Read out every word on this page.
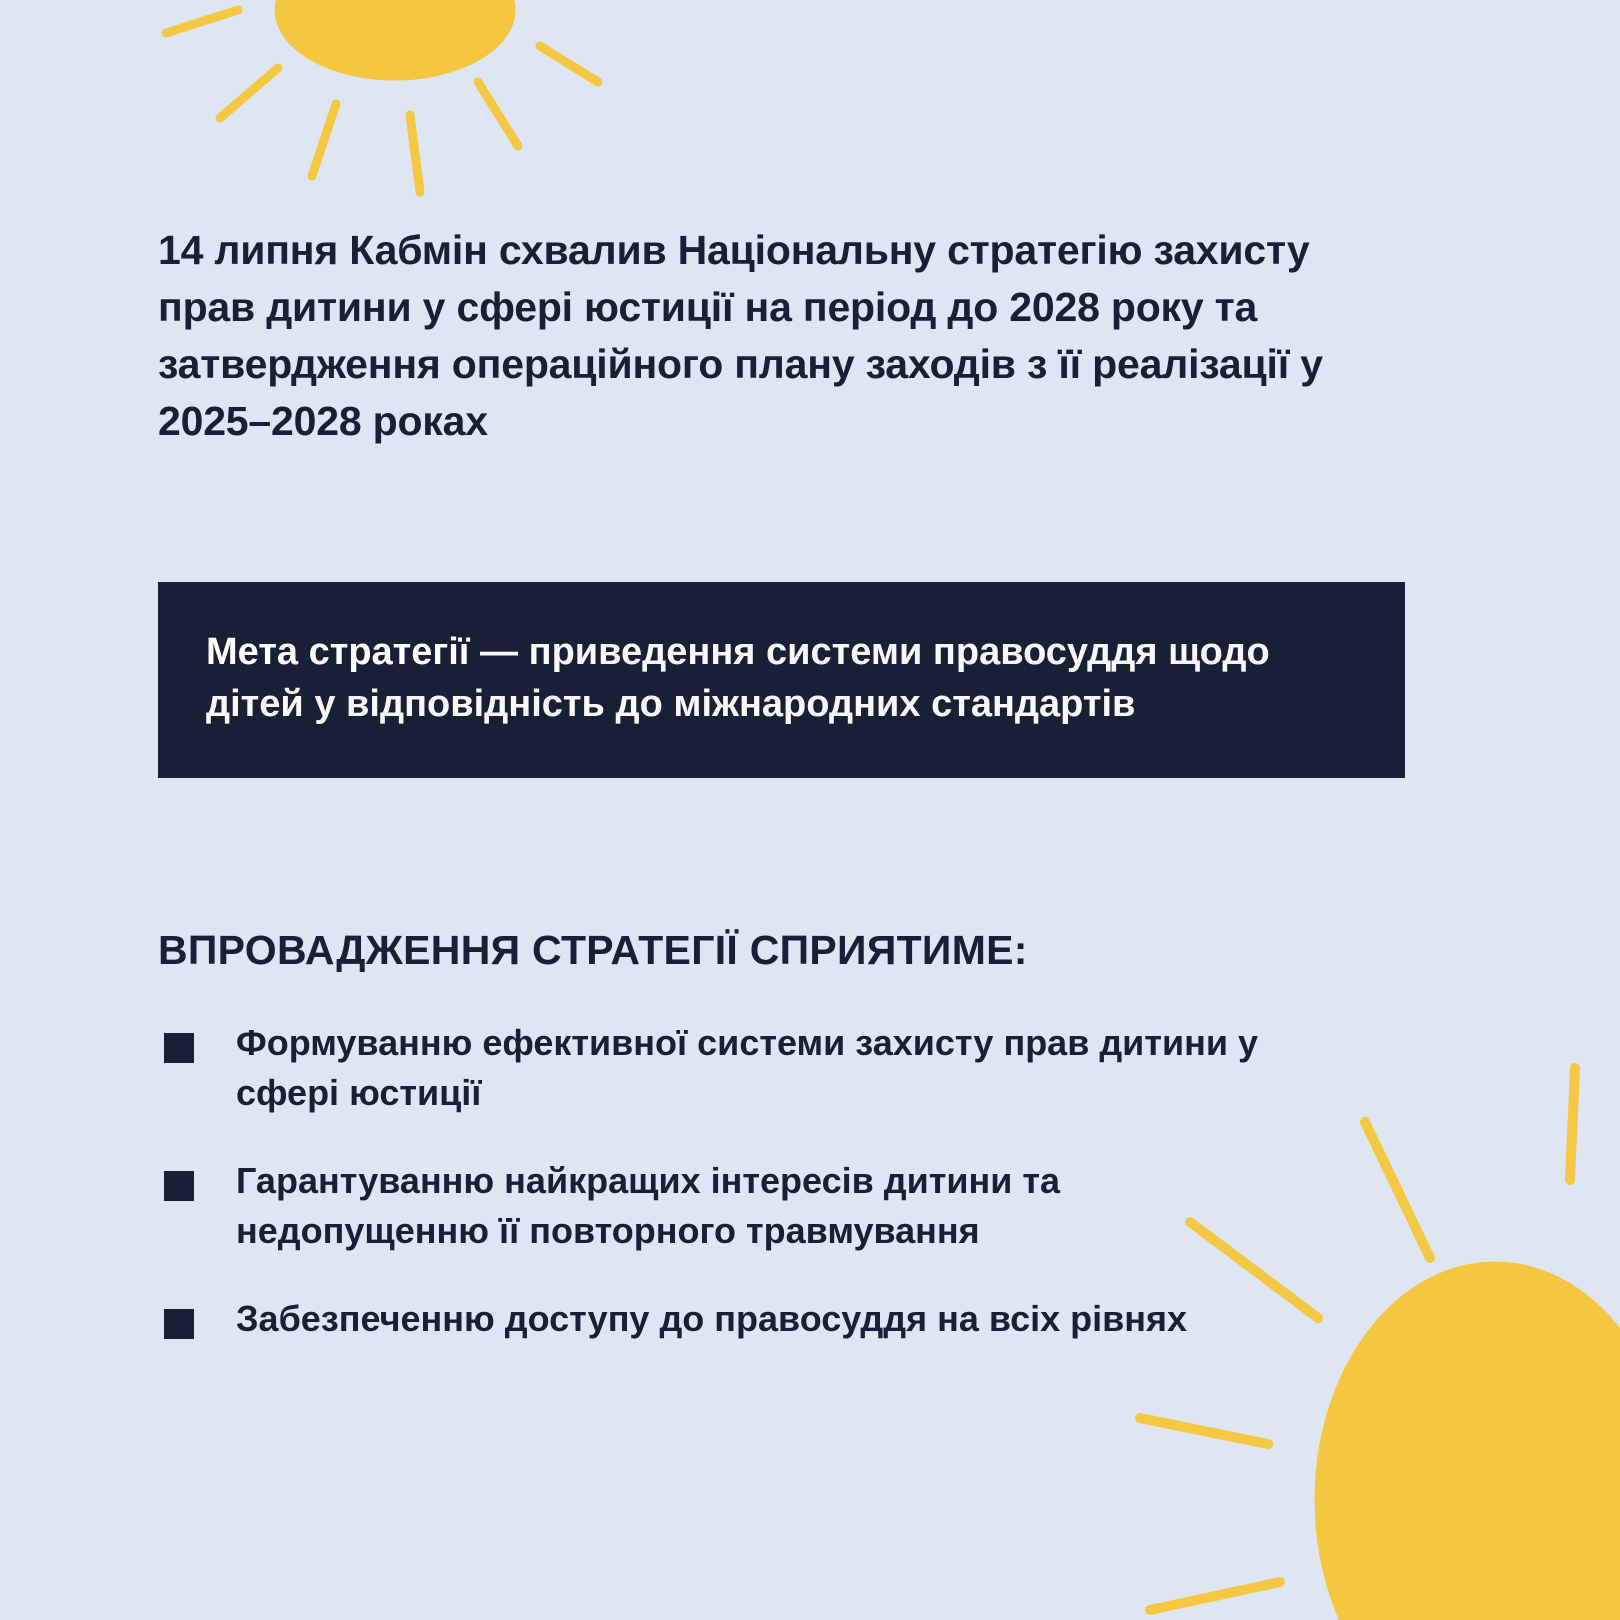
14 липня Кабмін схвалив Національну стратегію захисту прав дитини у сфері юстиції на період до 2028 року та затвердження операційного плану заходів з її реалізації у 2025–2028 роках

Мета стратегії — приведення системи правосуддя щодо дітей у відповідність до міжнародних стандартів

ВПРОВАДЖЕННЯ СТРАТЕГІЇ СПРИЯТИМЕ:
Формуванню ефективної системи захисту прав дитини у сфері юстиції
Гарантуванню найкращих інтересів дитини та недопущенню її повторного травмування
Забезпеченню доступу до правосуддя на всіх рівнях
